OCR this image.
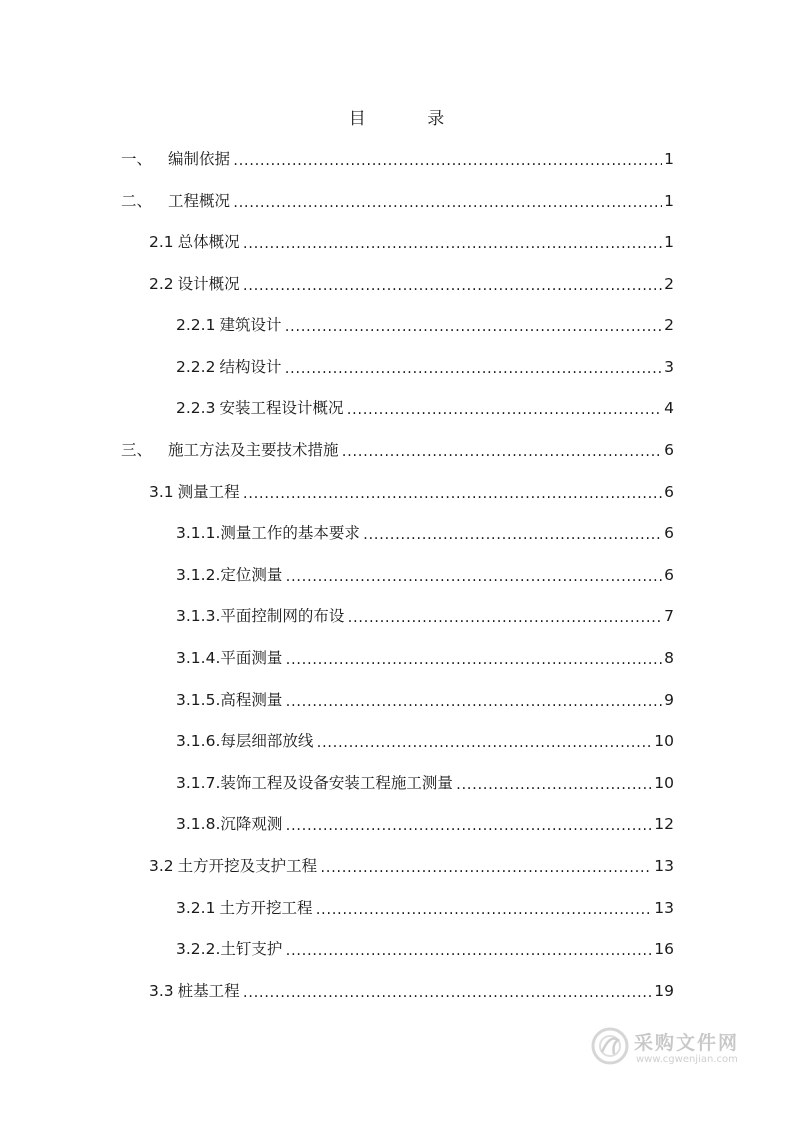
目 录
一、	编制依据 .....	1
二、	工程概况 .....	1
2.1 总体概况 .....	1
2.2 设计概况 .....	2
2.2.1 建筑设计 .....	2
2.2.2 结构设计 .....	3
2.2.3 安装工程设计概况 .....	4
三、	施工方法及主要技术措施 .....	6
3.1 测量工程 .....	6
3.1.1. 测量工作的基本要求 .....	6
3.1.2. 定位测量 .....	6
3.1.3. 平面控制网的布设 .....	7
3.1.4. 平面测量 .....	8
3.1.5. 高程测量 .....	9
3.1.6. 每层细部放线 .....	10
3.1.7. 装饰工程及设备安装工程施工测量 .....	10
3.1.8. 沉降观测 .....	12
3.2 土方开挖及支护工程 .....	13
3.2.1 土方开挖工程 .....	13
3.2.2. 土钉支护 .....	16
3.3 桩基工程 .....	19
采购文件网
www.cgwenjian.com
